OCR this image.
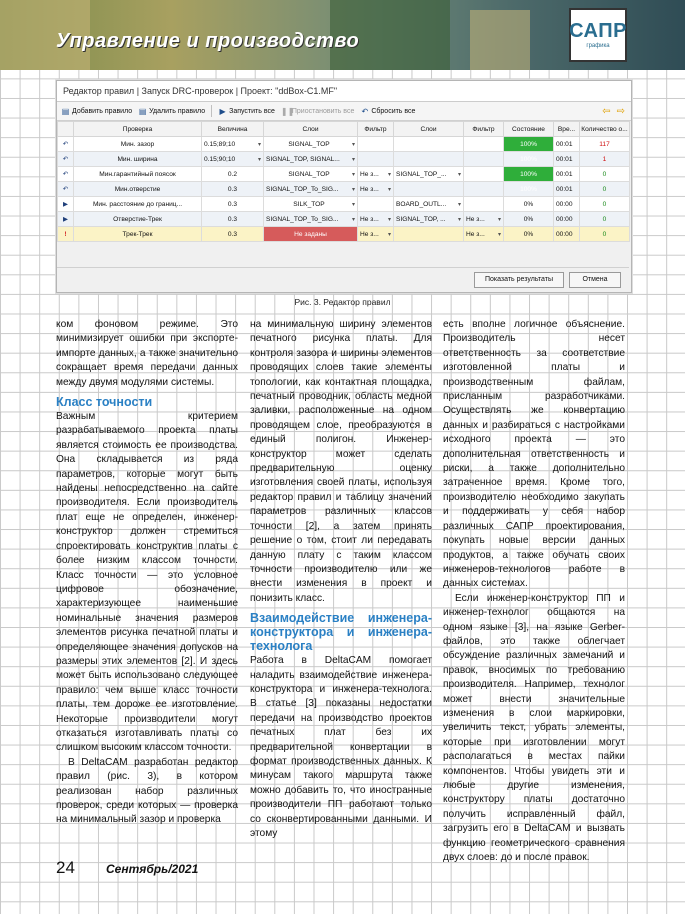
Управление и производство	САПР
графика
Редактор правил | Запуск DRC-проверок | Проект: "ddBox-C1.MF"
▤ Добавить правило ▤ Удалить правило ▶ Запустить все ❚❚
Приостановить все ↶ Сбросить все	⇦ ⇨
	Проверка	Величина	Слои	Фильтр	Слои	Фильтр	Состояние	Вре...	Количество о...
↶	Мин. зазор	0.15;89;10 ▾	SIGNAL_TOP ▾				100%	00:01	117
↶	Мин. ширина	0.15;90;10 ▾	SIGNAL_TOP, SIGNAL... ▾				100%	00:01	1
↶	Мин.гарантийный поясок	0.2	SIGNAL_TOP ▾	Не з... ▾	SIGNAL_TOP_... ▾		100%	00:01	0
↶	Мин.отверстие	0.3	SIGNAL_TOP_To_SIG... ▾	Не з... ▾			100%	00:01	0
▶	Мин. расстояние до границ...	0.3	SILK_TOP ▾		BOARD_OUTL... ▾		0%	00:00	0
▶	Отверстие-Трек	0.3	SIGNAL_TOP_To_SIG... ▾	Не з... ▾	SIGNAL_TOP, ... ▾	Не з... ▾	0%	00:00	0
!	Трек-Трек	0.3	Не заданы	Не з... ▾		Не з... ▾	0%	00:00	0
Показать результаты	Отмена
Рис. 3. Редактор правил

ком фоновом режиме. Это минимизирует ошибки при экспорте-импорте данных, а также значительно сокращает время передачи данных между двумя модулями системы.

Класс точности

Важным критерием разрабатываемого проекта платы является стоимость ее производства. Она складывается из ряда параметров, которые могут быть найдены непосредственно на сайте производителя. Если производитель плат еще не определен, инженер-конструктор должен стремиться спроектировать конструктив платы с более низким классом точности. Класс точности — это условное цифровое обозначение, характеризующее наименьшие номинальные значения размеров элементов рисунка печатной платы и определяющее значения допусков на размеры этих элементов [2]. И здесь может быть использовано следующее правило: чем выше класс точности платы, тем дороже ее изготовление. Некоторые производители могут отказаться изготавливать платы со слишком высоким классом точности.

В DeltaCAM разработан редактор правил (рис. 3), в котором реализован набор различных проверок, среди которых — проверка на минимальный зазор и проверка

на минимальную ширину элементов печатного рисунка платы. Для контроля зазора и ширины элементов проводящих слоев такие элементы топологии, как контактная площадка, печатный проводник, область медной заливки, расположенные на одном проводящем слое, преобразуются в единый полигон. Инженер-конструктор может сделать предварительную оценку изготовления своей платы, используя редактор правил и таблицу значений параметров различных классов точности [2], а затем принять решение о том, стоит ли передавать данную плату с таким классом точности производителю или же внести изменения в проект и понизить класс.

Взаимодействие инженера-конструктора и инженера-технолога

Работа в DeltaCAM помогает наладить взаимодействие инженера-конструктора и инженера-технолога. В статье [3] показаны недостатки передачи на производство проектов печатных плат без их предварительной конвертации в формат производственных данных. К минусам такого маршрута также можно добавить то, что иностранные производители ПП работают только со сконвертированными данными. И этому

есть вполне логичное объяснение. Производитель несет ответственность за соответствие изготовленной платы и производственным файлам, присланным разработчиками. Осуществлять же конвертацию данных и разбираться с настройками исходного проекта — это дополнительная ответственность и риски, а также дополнительно затраченное время. Кроме того, производителю необходимо закупать и поддерживать у себя набор различных САПР проектирования, покупать новые версии данных продуктов, а также обучать своих инженеров-технологов работе в данных системах.

Если инженер-конструктор ПП и инженер-технолог общаются на одном языке [3], на языке Gerber-файлов, это также облегчает обсуждение различных замечаний и правок, вносимых по требованию производителя. Например, технолог может внести значительные изменения в слои маркировки, увеличить текст, убрать элементы, которые при изготовлении могут располагаться в местах пайки компонентов. Чтобы увидеть эти и любые другие изменения, конструктору платы достаточно получить исправленный файл, загрузить его в DeltaCAM и вызвать функцию геометрического сравнения двух слоев: до и после правок.

24	Сентябрь/2021
